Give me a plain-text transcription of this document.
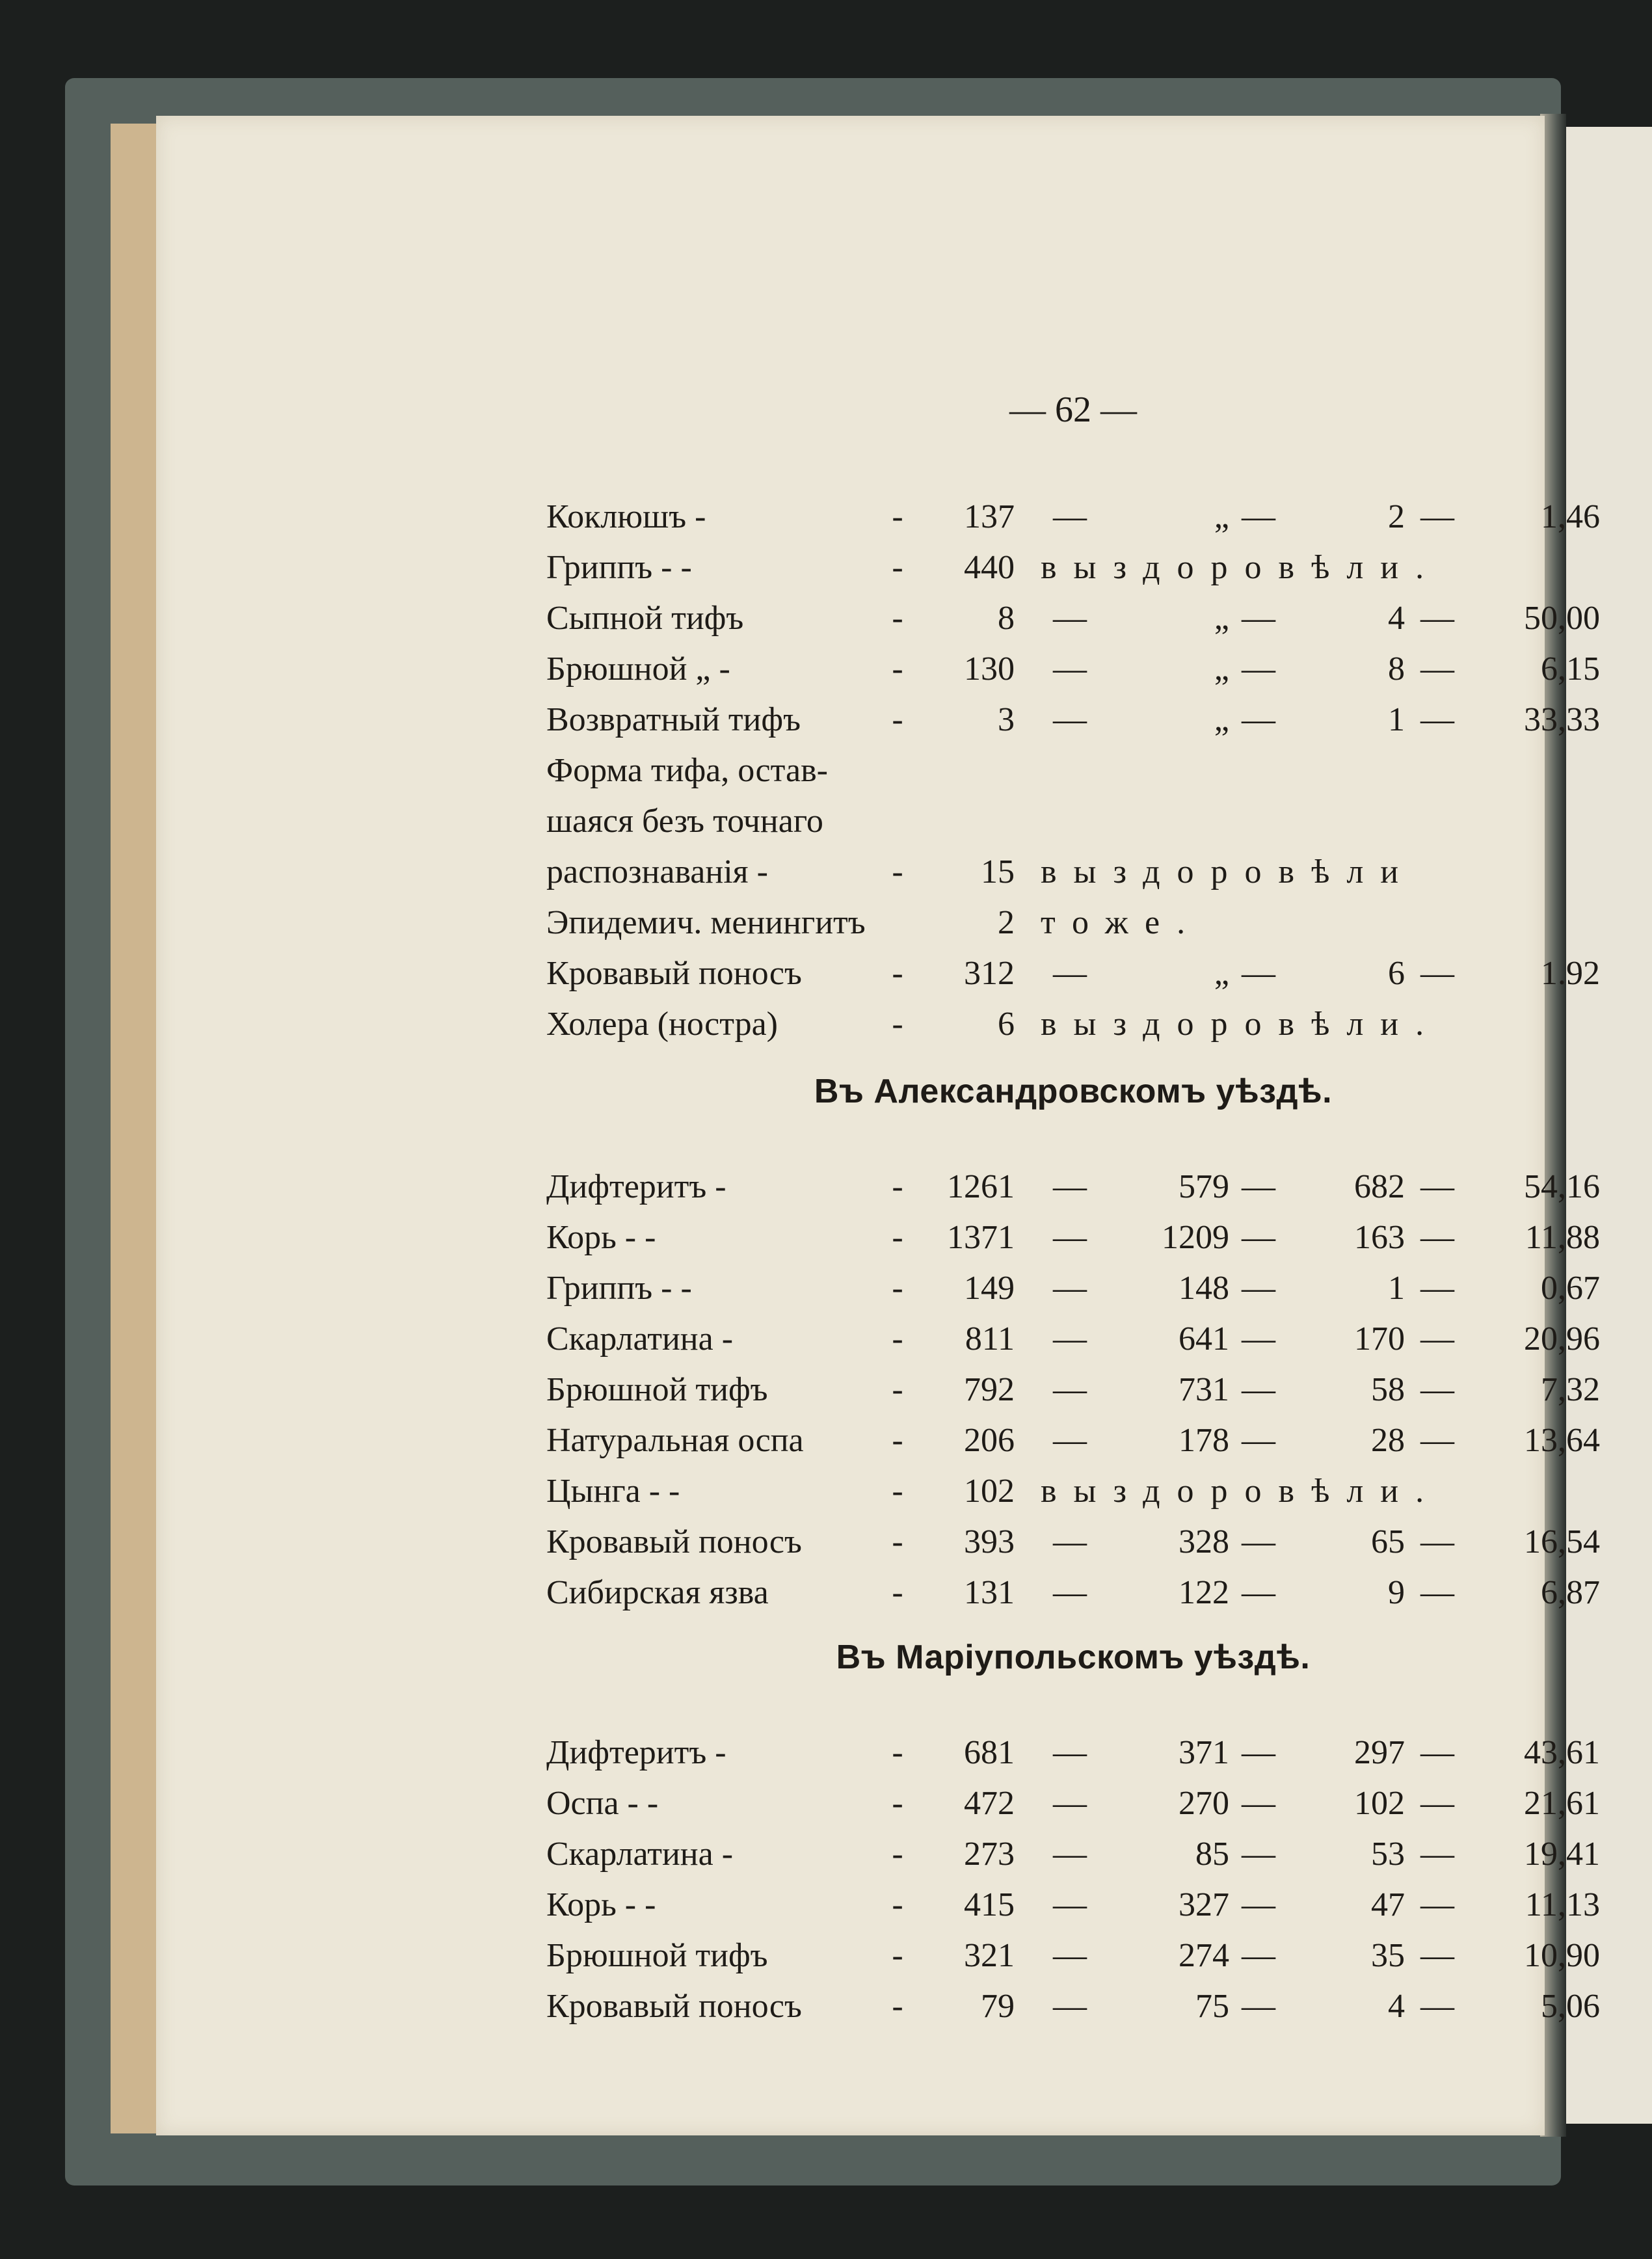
— 62 —
Коклюшъ -	-	137 —	„ —	2 —	1,46
Гриппъ - -	-	440 выздоровѣли.
Сыпной тифъ	-	8 —	„ —	4 —	50,00
Брюшной „ -	-	130 —	„ —	8 —	6,15
Возвратный тифъ	-	3 —	„ —	1 —	33,33
Форма тифа, остав-
шаяся безъ точнаго
распознаванія -	-	15 выздоровѣли
Эпидемич. менингитъ	2 тоже.
Кровавый поносъ	-	312 —	„ —	6 —	1.92
Холера (ностра)	-	6 выздоровѣли.
Въ Александровскомъ уѣздѣ.
Дифтеритъ -	-	1261 —	579 —	682 —	54,16
Корь - -	-	1371 —	1209 —	163 —	11,88
Гриппъ - -	-	149 —	148 —	1 —	0,67
Скарлатина -	-	811 —	641 —	170 —	20,96
Брюшной тифъ	-	792 —	731 —	58 —	7,32
Натуральная оспа	-	206 —	178 —	28 —	13,64
Цынга - -	-	102 выздоровѣли.
Кровавый поносъ	-	393 —	328 —	65 —	16,54
Сибирская язва	-	131 —	122 —	9 —	6,87
Въ Маріупольскомъ уѣздѣ.
Дифтеритъ -	-	681 —	371 —	297 —	43,61
Оспа - -	-	472 —	270 —	102 —	21,61
Скарлатина -	-	273 —	85 —	53 —	19,41
Корь - -	-	415 —	327 —	47 —	11,13
Брюшной тифъ	-	321 —	274 —	35 —	10,90
Кровавый поносъ	-	79 —	75 —	4 —	5,06
